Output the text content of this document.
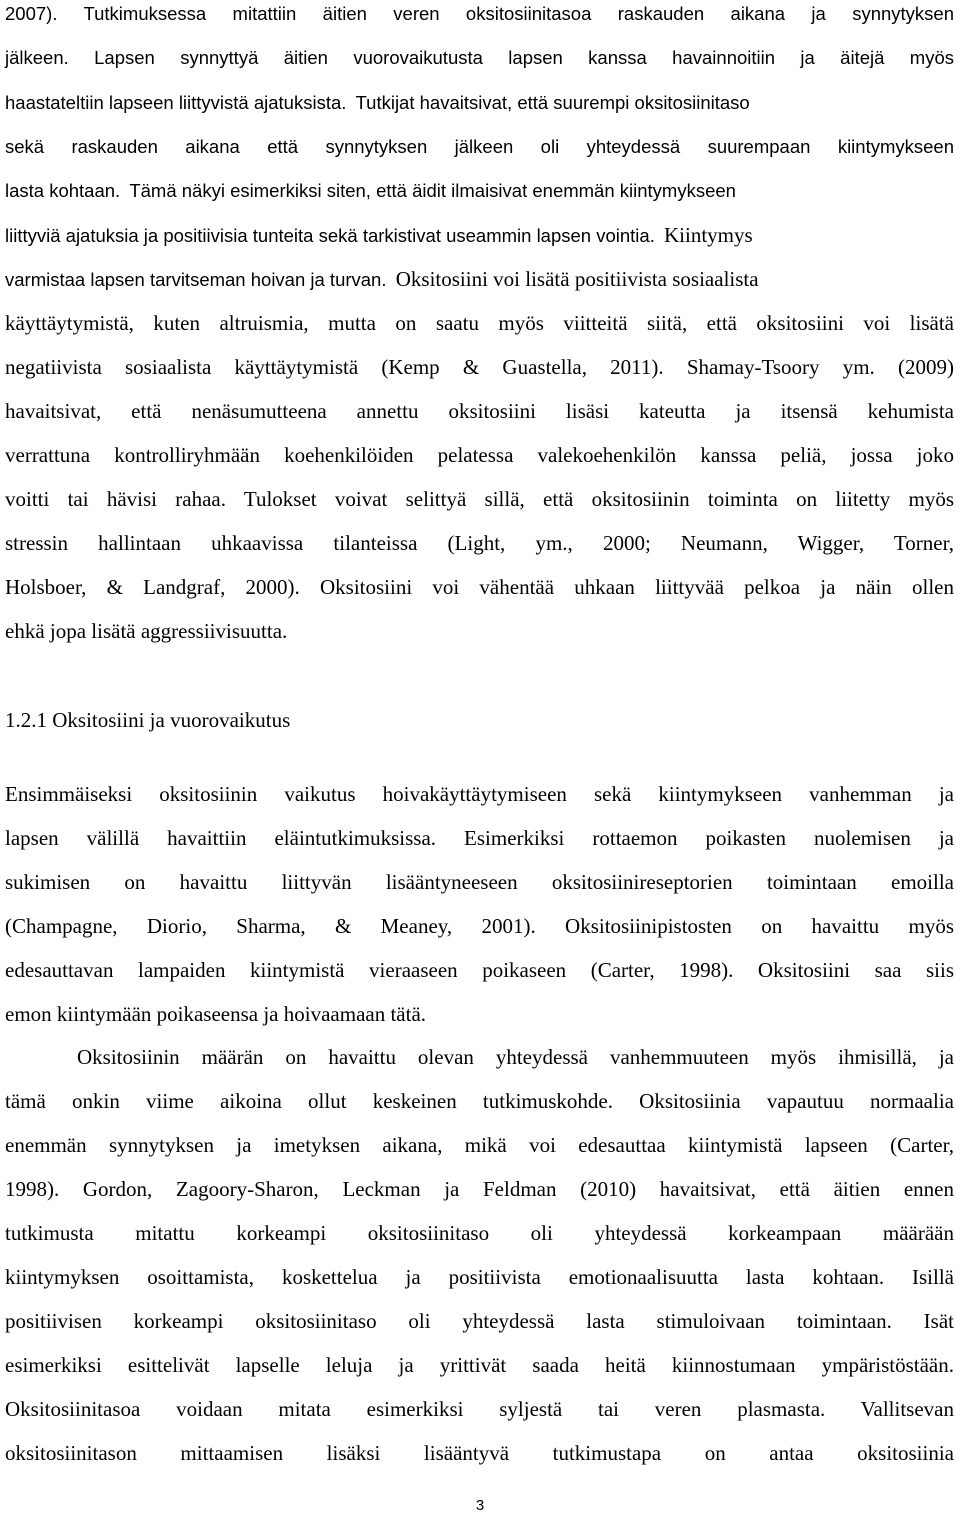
2007). Tutkimuksessa mitattiin äitien veren oksitosiinitasoa raskauden aikana ja synnytyksen
jälkeen. Lapsen synnyttyä äitien vuorovaikutusta lapsen kanssa havainnoitiin ja äitejä myös
haastateltiin lapseen liittyvistä ajatuksista. Tutkijat havaitsivat, että suurempi oksitosiinitaso
sekä raskauden aikana että synnytyksen jälkeen oli yhteydessä suurempaan kiintymykseen
lasta kohtaan. Tämä näkyi esimerkiksi siten, että äidit ilmaisivat enemmän kiintymykseen
liittyviä ajatuksia ja positiivisia tunteita sekä tarkistivat useammin lapsen vointia. Kiintymys
varmistaa lapsen tarvitseman hoivan ja turvan. Oksitosiini voi lisätä positiivista sosiaalista
käyttäytymistä, kuten altruismia, mutta on saatu myös viitteitä siitä, että oksitosiini voi lisätä
negatiivista sosiaalista käyttäytymistä (Kemp & Guastella, 2011). Shamay-Tsoory ym. (2009)
havaitsivat, että nenäsumutteena annettu oksitosiini lisäsi kateutta ja itsensä kehumista
verrattuna kontrolliryhmään koehenkilöiden pelatessa valekoehenkilön kanssa peliä, jossa joko
voitti tai hävisi rahaa. Tulokset voivat selittyä sillä, että oksitosiinin toiminta on liitetty myös
stressin hallintaan uhkaavissa tilanteissa (Light, ym., 2000; Neumann, Wigger, Torner,
Holsboer, & Landgraf, 2000). Oksitosiini voi vähentää uhkaan liittyvää pelkoa ja näin ollen
ehkä jopa lisätä aggressiivisuutta.
1.2.1 Oksitosiini ja vuorovaikutus
Ensimmäiseksi oksitosiinin vaikutus hoivakäyttäytymiseen sekä kiintymykseen vanhemman ja
lapsen välillä havaittiin eläintutkimuksissa. Esimerkiksi rottaemon poikasten nuolemisen ja
sukimisen on havaittu liittyvän lisääntyneeseen oksitosiinireseptorien toimintaan emoilla
(Champagne, Diorio, Sharma, & Meaney, 2001). Oksitosiinipistosten on havaittu myös
edesauttavan lampaiden kiintymistä vieraaseen poikaseen (Carter, 1998). Oksitosiini saa siis
emon kiintymään poikaseensa ja hoivaamaan tätä.
Oksitosiinin määrän on havaittu olevan yhteydessä vanhemmuuteen myös ihmisillä, ja
tämä onkin viime aikoina ollut keskeinen tutkimuskohde. Oksitosiinia vapautuu normaalia
enemmän synnytyksen ja imetyksen aikana, mikä voi edesauttaa kiintymistä lapseen (Carter,
1998). Gordon, Zagoory-Sharon, Leckman ja Feldman (2010) havaitsivat, että äitien ennen
tutkimusta mitattu korkeampi oksitosiinitaso oli yhteydessä korkeampaan määrään
kiintymyksen osoittamista, koskettelua ja positiivista emotionaalisuutta lasta kohtaan. Isillä
positiivisen korkeampi oksitosiinitaso oli yhteydessä lasta stimuloivaan toimintaan. Isät
esimerkiksi esittelivät lapselle leluja ja yrittivät saada heitä kiinnostumaan ympäristöstään.
Oksitosiinitasoa voidaan mitata esimerkiksi syljestä tai veren plasmasta. Vallitsevan
oksitosiinitason mittaamisen lisäksi lisääntyvä tutkimustapa on antaa oksitosiinia
3
